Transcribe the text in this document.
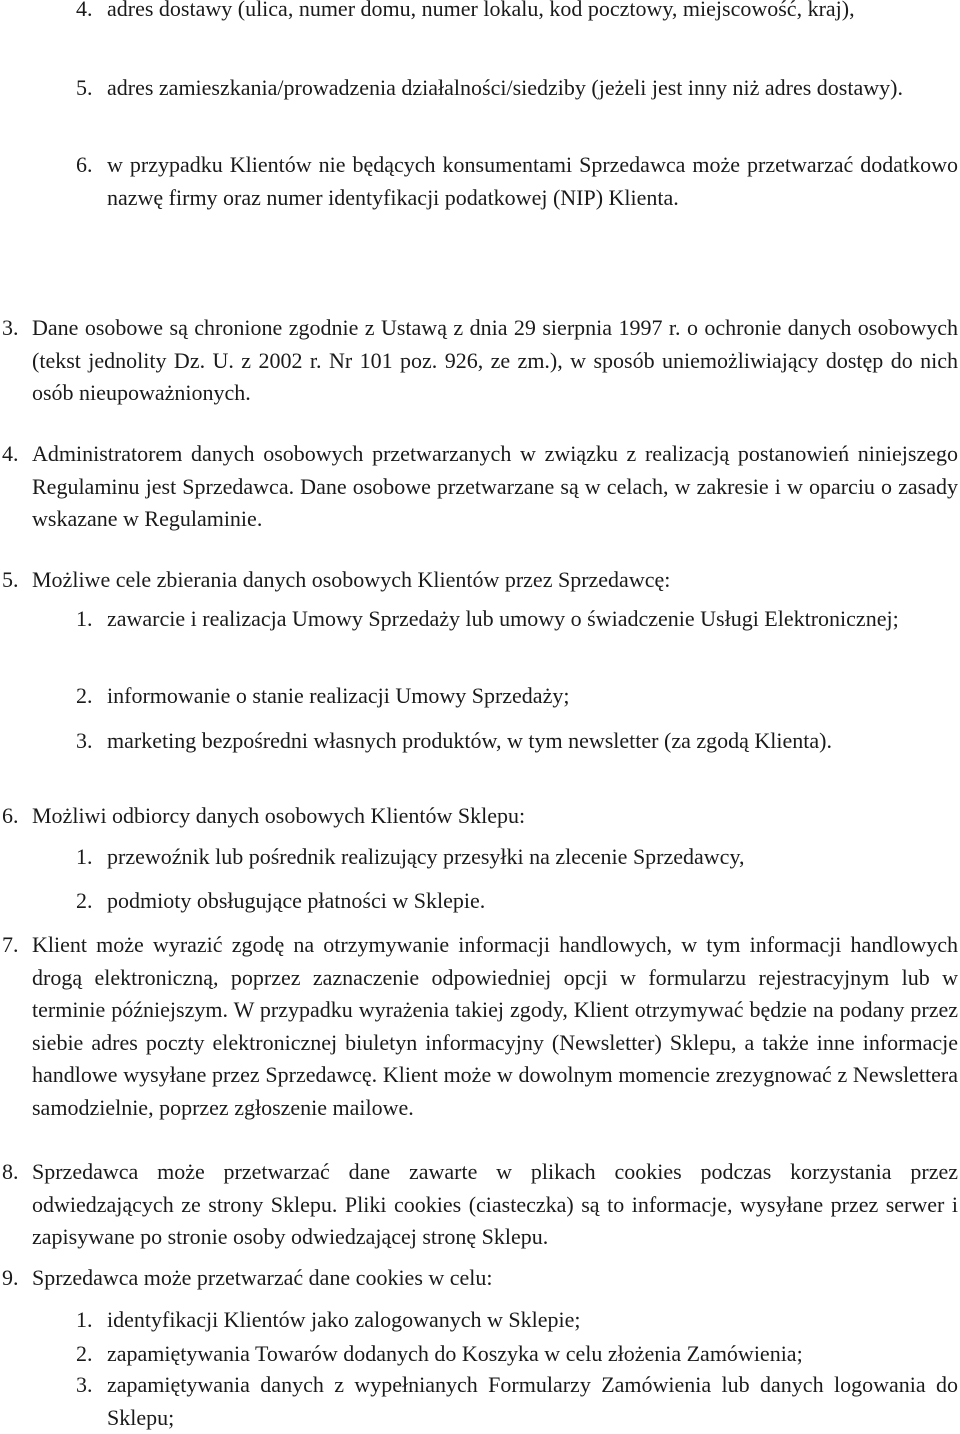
4. adres dostawy (ulica, numer domu, numer lokalu, kod pocztowy, miejscowość, kraj),
5. adres zamieszkania/prowadzenia działalności/siedziby (jeżeli jest inny niż adres dostawy).
6. w przypadku Klientów nie będących konsumentami Sprzedawca może przetwarzać dodatkowo nazwę firmy oraz numer identyfikacji podatkowej (NIP) Klienta.
3. Dane osobowe są chronione zgodnie z Ustawą z dnia 29 sierpnia 1997 r. o ochronie danych osobowych (tekst jednolity Dz. U. z 2002 r. Nr 101 poz. 926, ze zm.), w sposób uniemożliwiający dostęp do nich osób nieupoważnionych.
4. Administratorem danych osobowych przetwarzanych w związku z realizacją postanowień niniejszego Regulaminu jest Sprzedawca. Dane osobowe przetwarzane są w celach, w zakresie i w oparciu o zasady wskazane w Regulaminie.
5. Możliwe cele zbierania danych osobowych Klientów przez Sprzedawcę:
1. zawarcie i realizacja Umowy Sprzedaży lub umowy o świadczenie Usługi Elektronicznej;
2. informowanie o stanie realizacji Umowy Sprzedaży;
3. marketing bezpośredni własnych produktów, w tym newsletter (za zgodą Klienta).
6. Możliwi odbiorcy danych osobowych Klientów Sklepu:
1. przewoźnik lub pośrednik realizujący przesyłki na zlecenie Sprzedawcy,
2. podmioty obsługujące płatności w Sklepie.
7. Klient może wyrazić zgodę na otrzymywanie informacji handlowych, w tym informacji handlowych drogą elektroniczną, poprzez zaznaczenie odpowiedniej opcji w formularzu rejestracyjnym lub w terminie późniejszym. W przypadku wyrażenia takiej zgody, Klient otrzymywać będzie na podany przez siebie adres poczty elektronicznej biuletyn informacyjny (Newsletter) Sklepu, a także inne informacje handlowe wysyłane przez Sprzedawcę. Klient może w dowolnym momencie zrezygnować z Newslettera samodzielnie, poprzez zgłoszenie mailowe.
8. Sprzedawca może przetwarzać dane zawarte w plikach cookies podczas korzystania przez odwiedzających ze strony Sklepu. Pliki cookies (ciasteczka) są to informacje, wysyłane przez serwer i zapisywane po stronie osoby odwiedzającej stronę Sklepu.
9. Sprzedawca może przetwarzać dane cookies w celu:
1. identyfikacji Klientów jako zalogowanych w Sklepie;
2. zapamiętywania Towarów dodanych do Koszyka w celu złożenia Zamówienia;
3. zapamiętywania danych z wypełnianych Formularzy Zamówienia lub danych logowania do Sklepu;
